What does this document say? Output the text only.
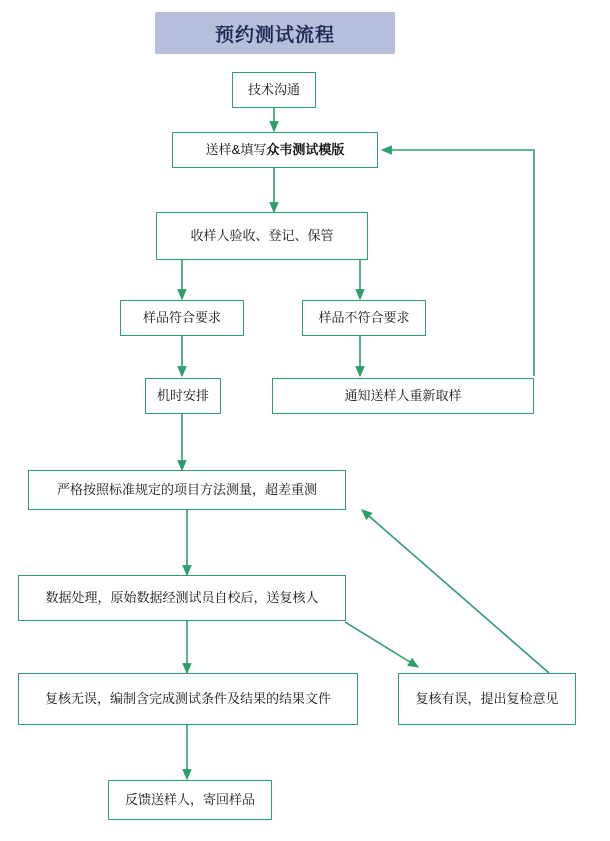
预约测试流程
技术沟通
送样&填写 众韦测试模版
收样人验收、登记、保管
样品符合要求	样品不符合要求
机时安排	通知送样人重新取样
严格按照标准规定的项目方法测量，超差重测
数据处理，原始数据经测试员自校后，送复核人
复核无误，编制含完成测试条件及结果的结果文件	复核有误，提出复检意见
反馈送样人，寄回样品
